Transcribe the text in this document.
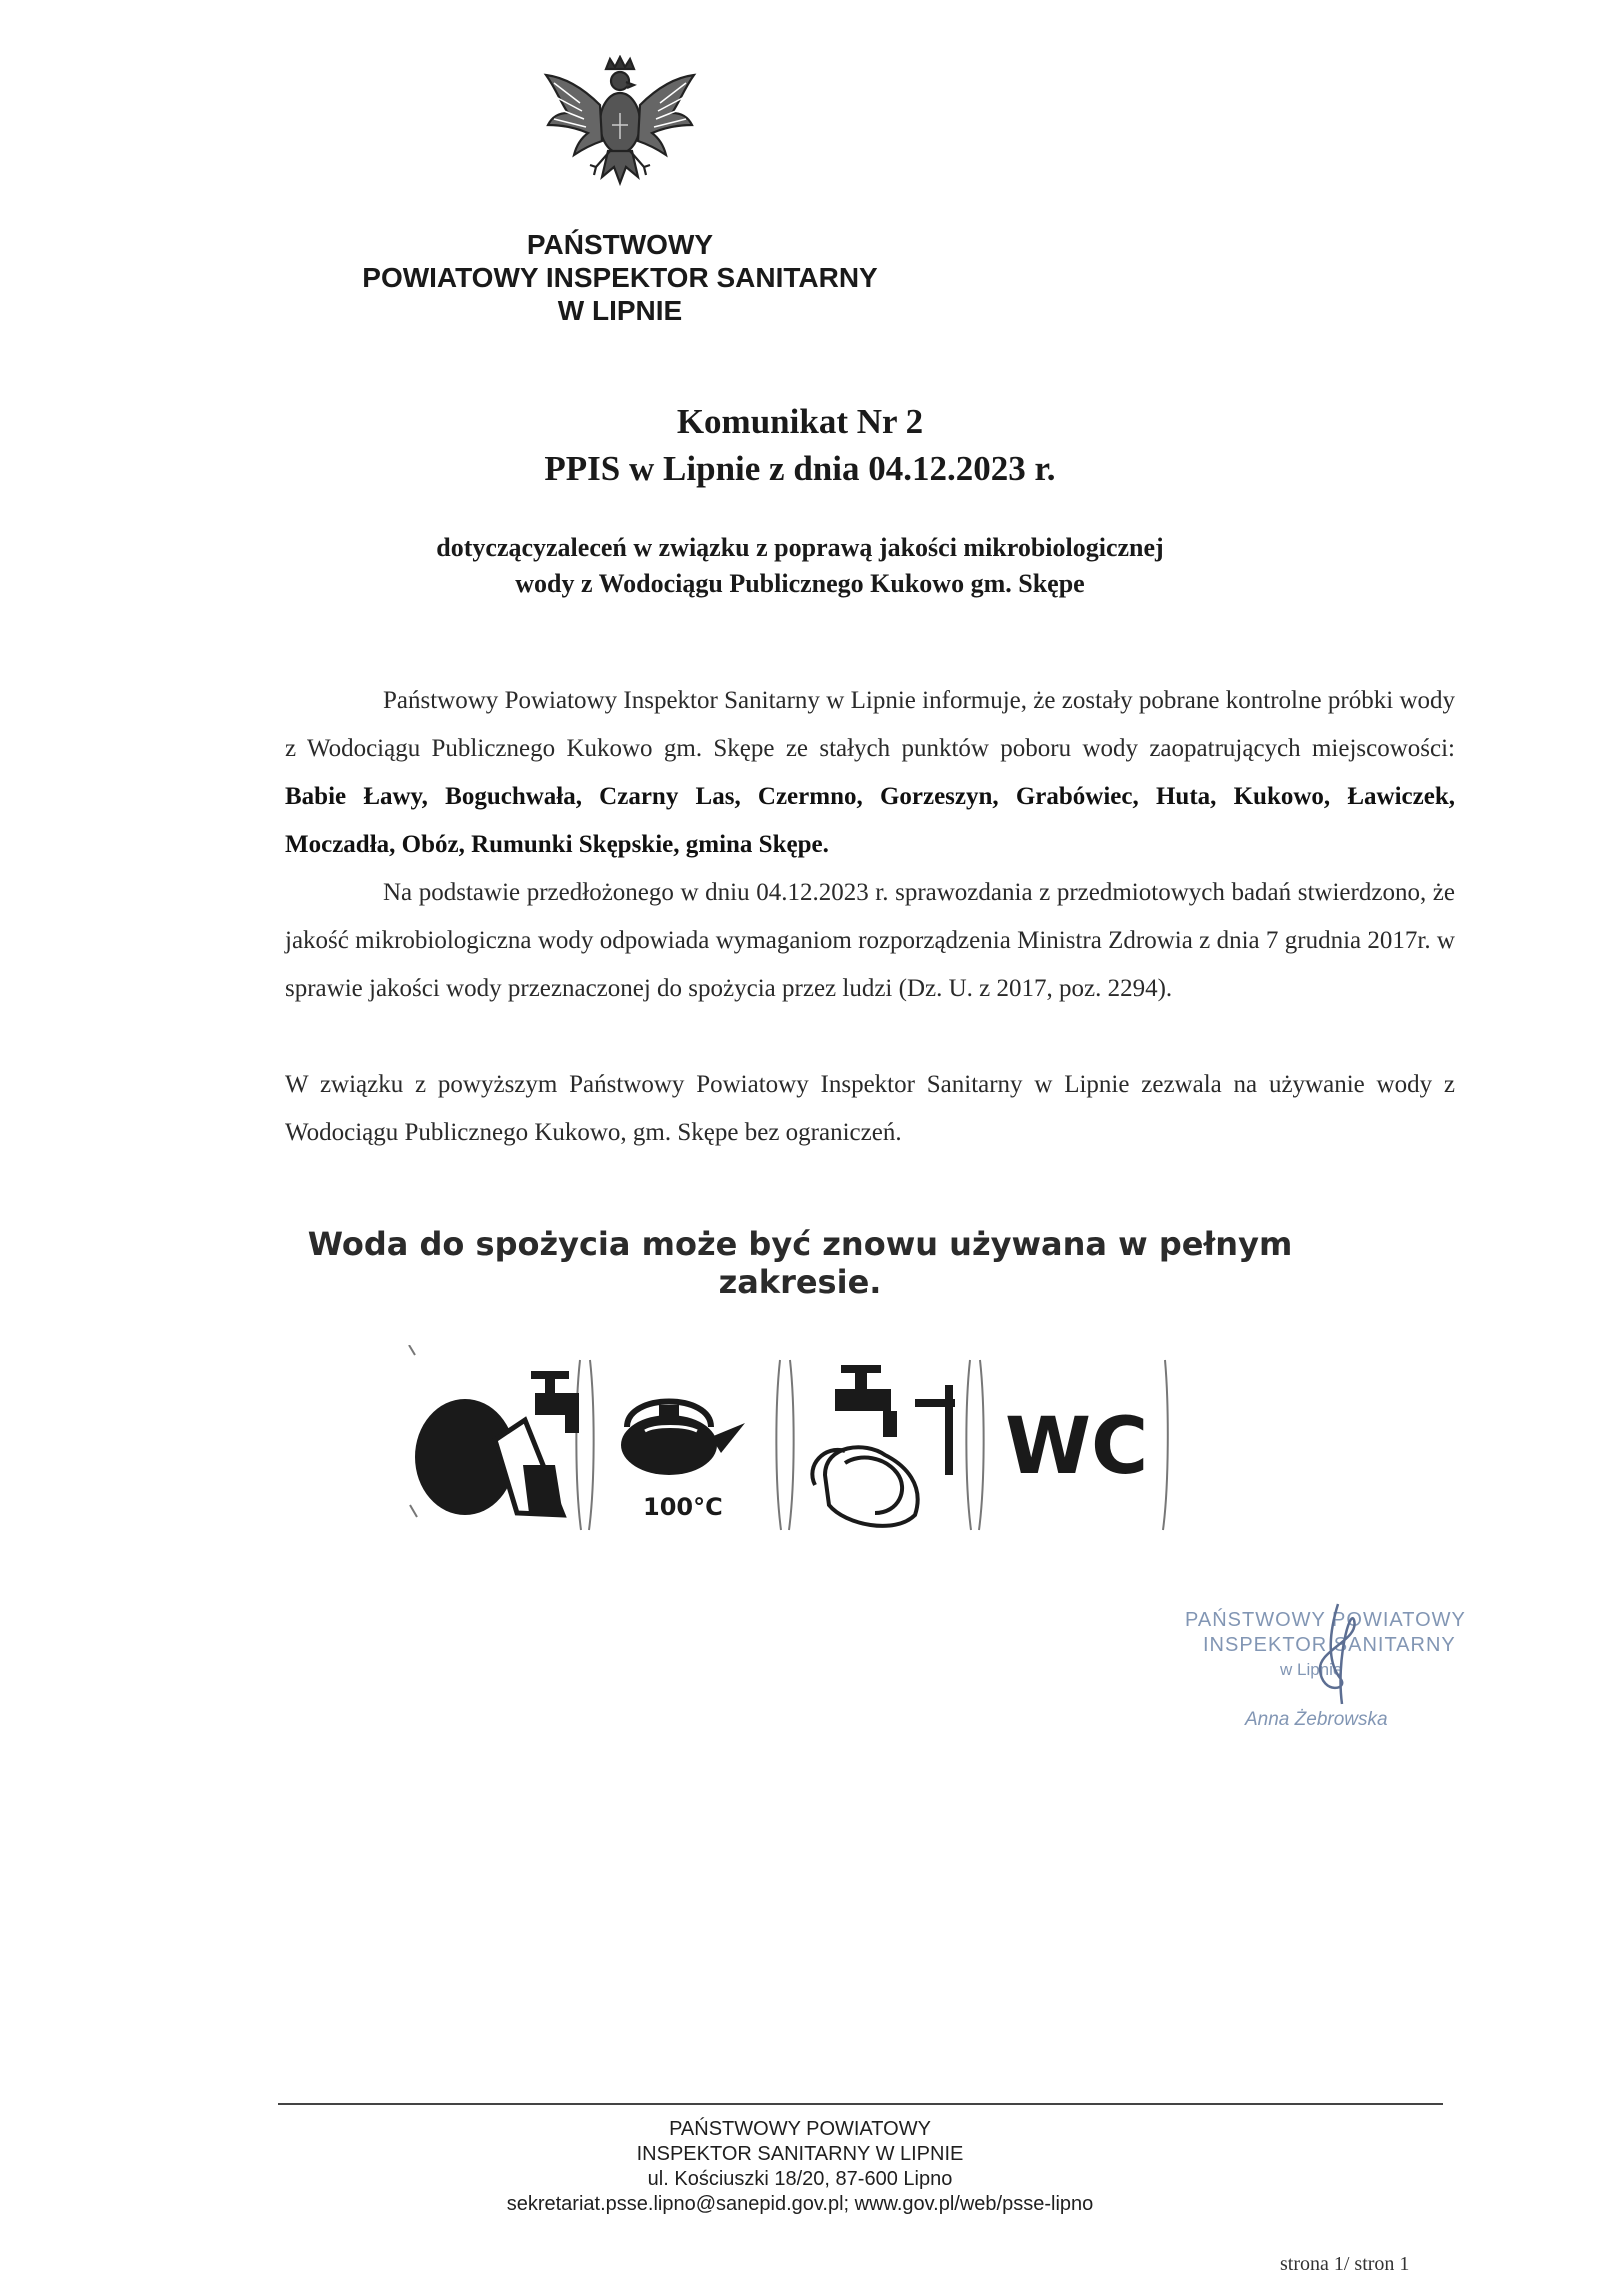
PAŃSTWOWY
POWIATOWY INSPEKTOR SANITARNY
W LIPNIE
Komunikat Nr 2
PPIS w Lipnie z dnia 04.12.2023 r.
dotyczącyzaleceń w związku z poprawą jakości mikrobiologicznej
wody z Wodociągu Publicznego Kukowo gm. Skępe
Państwowy Powiatowy Inspektor Sanitarny w Lipnie informuje, że zostały pobrane kontrolne próbki wody z Wodociągu Publicznego Kukowo gm. Skępe ze stałych punktów poboru wody zaopatrujących miejscowości: Babie Ławy, Boguchwała, Czarny Las, Czermno, Gorzeszyn, Grabówiec, Huta, Kukowo, Ławiczek, Moczadła, Obóz, Rumunki Skępskie, gmina Skępe.
Na podstawie przedłożonego w dniu 04.12.2023 r. sprawozdania z przedmiotowych badań stwierdzono, że jakość mikrobiologiczna wody odpowiada wymaganiom rozporządzenia Ministra Zdrowia z dnia 7 grudnia 2017r. w sprawie jakości wody przeznaczonej do spożycia przez ludzi (Dz. U. z 2017, poz. 2294).
W związku z powyższym Państwowy Powiatowy Inspektor Sanitarny w Lipnie zezwala na używanie wody z Wodociągu Publicznego Kukowo, gm. Skępe bez ograniczeń.
Woda do spożycia może być znowu używana w pełnym zakresie.
100°C
WC
PAŃSTWOWY POWIATOWY
INSPEKTOR SANITARNY
w Lipnie
Anna Żebrowska
PAŃSTWOWY POWIATOWY
INSPEKTOR SANITARNY W LIPNIE
ul. Kościuszki 18/20, 87-600 Lipno
sekretariat.psse.lipno@sanepid.gov.pl; www.gov.pl/web/psse-lipno
strona 1/ stron 1
